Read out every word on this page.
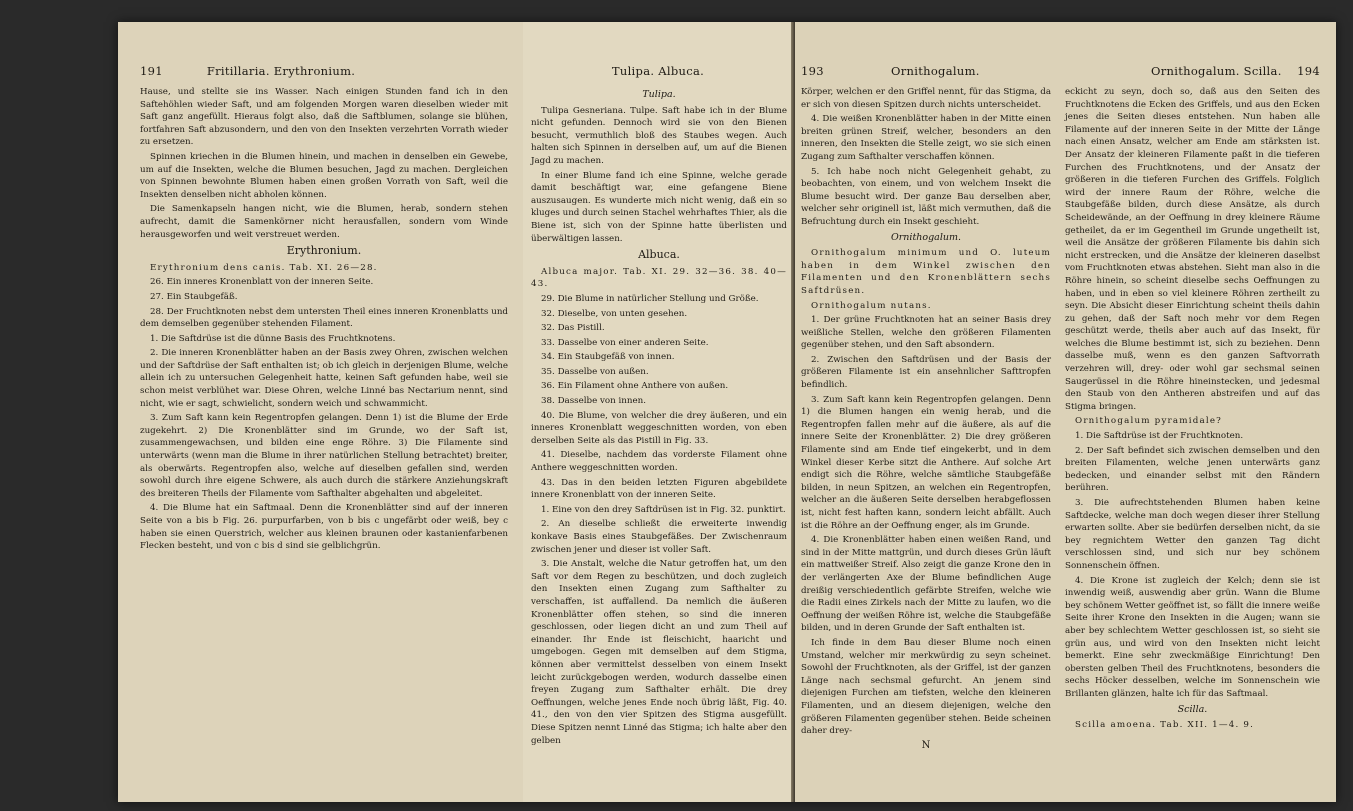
191	Fritillaria. Erythronium.

Hause, und stellte sie ins Wasser. Nach einigen Stunden fand ich in den Saftehöhlen wieder Saft, und am folgenden Morgen waren dieselben wieder mit Saft ganz angefüllt. Hieraus folgt also, daß die Saftblumen, solange sie blühen, fortfahren Saft abzusondern, und den von den Insekten verzehrten Vorrath wieder zu ersetzen.

Spinnen kriechen in die Blumen hinein, und machen in denselben ein Gewebe, um auf die Insekten, welche die Blumen besuchen, Jagd zu machen. Dergleichen von Spinnen bewohnte Blumen haben einen großen Vorrath von Saft, weil die Insekten denselben nicht abholen können.

Die Samenkapseln hangen nicht, wie die Blumen, herab, sondern stehen aufrecht, damit die Samenkörner nicht herausfallen, sondern vom Winde herausgeworfen und weit verstreuet werden.

Erythronium.

Erythronium dens canis. Tab. XI. 26—28.

26. Ein inneres Kronenblatt von der inneren Seite.

27. Ein Staubgefäß.

28. Der Fruchtknoten nebst dem untersten Theil eines inneren Kronenblatts und dem demselben gegenüber stehenden Filament.

1. Die Saftdrüse ist die dünne Basis des Fruchtknotens.

2. Die inneren Kronenblätter haben an der Basis zwey Ohren, zwischen welchen und der Saftdrüse der Saft enthalten ist; ob ich gleich in derjenigen Blume, welche allein ich zu untersuchen Gelegenheit hatte, keinen Saft gefunden habe, weil sie schon meist verblühet war. Diese Ohren, welche Linné bas Nectarium nennt, sind nicht, wie er sagt, schwielicht, sondern weich und schwammicht.

3. Zum Saft kann kein Regentropfen gelangen. Denn 1) ist die Blume der Erde zugekehrt. 2) Die Kronenblätter sind im Grunde, wo der Saft ist, zusammengewachsen, und bilden eine enge Röhre. 3) Die Filamente sind unterwärts (wenn man die Blume in ihrer natürlichen Stellung betrachtet) breiter, als oberwärts. Regentropfen also, welche auf dieselben gefallen sind, werden sowohl durch ihre eigene Schwere, als auch durch die stärkere Anziehungskraft des breiteren Theils der Filamente vom Safthalter abgehalten und abgeleitet.

4. Die Blume hat ein Saftmaal. Denn die Kronenblätter sind auf der inneren Seite von a bis b Fig. 26. purpurfarben, von b bis c ungefärbt oder weiß, bey c haben sie einen Querstrich, welcher aus kleinen braunen oder kastanienfarbenen Flecken besteht, und von c bis d sind sie gelblichgrün.

Tulipa. Albuca.
Tulipa.

Tulipa Gesneriana. Tulpe. Saft habe ich in der Blume nicht gefunden. Dennoch wird sie von den Bienen besucht, vermuthlich bloß des Staubes wegen. Auch halten sich Spinnen in derselben auf, um auf die Bienen Jagd zu machen.

In einer Blume fand ich eine Spinne, welche gerade damit beschäftigt war, eine gefangene Biene auszusaugen. Es wunderte mich nicht wenig, daß ein so kluges und durch seinen Stachel wehrhaftes Thier, als die Biene ist, sich von der Spinne hatte überlisten und überwältigen lassen.

Albuca.

Albuca major. Tab. XI. 29. 32—36. 38. 40—43.

29. Die Blume in natürlicher Stellung und Größe.

32. Dieselbe, von unten gesehen.

32. Das Pistill.

33. Dasselbe von einer anderen Seite.

34. Ein Staubgefäß von innen.

35. Dasselbe von außen.

36. Ein Filament ohne Anthere von außen.

38. Dasselbe von innen.

40. Die Blume, von welcher die drey äußeren, und ein inneres Kronenblatt weggeschnitten worden, von eben derselben Seite als das Pistill in Fig. 33.

41. Dieselbe, nachdem das vorderste Filament ohne Anthere weggeschnitten worden.

43. Das in den beiden letzten Figuren abgebildete innere Kronenblatt von der inneren Seite.

1. Eine von den drey Saftdrüsen ist in Fig. 32. punktirt.

2. An dieselbe schließt die erweiterte inwendig konkave Basis eines Staubgefäßes. Der Zwischenraum zwischen jener und dieser ist voller Saft.

3. Die Anstalt, welche die Natur getroffen hat, um den Saft vor dem Regen zu beschützen, und doch zugleich den Insekten einen Zugang zum Safthalter zu verschaffen, ist auffallend. Da nemlich die äußeren Kronenblätter offen stehen, so sind die inneren geschlossen, oder liegen dicht an und zum Theil auf einander. Ihr Ende ist fleischicht, haaricht und umgebogen. Gegen mit demselben auf dem Stigma, können aber vermittelst desselben von einem Insekt leicht zurückgebogen werden, wodurch dasselbe einen freyen Zugang zum Safthalter erhält. Die drey Oeffnungen, welche jenes Ende noch übrig läßt, Fig. 40. 41., den von den vier Spitzen des Stigma ausgefüllt. Diese Spitzen nennt Linné das Stigma; ich halte aber den gelben

193	Ornithogalum.	Ornithogalum. Scilla. 194

Körper, welchen er den Griffel nennt, für das Stigma, da er sich von diesen Spitzen durch nichts unterscheidet.

4. Die weißen Kronenblätter haben in der Mitte einen breiten grünen Streif, welcher, besonders an den inneren, den Insekten die Stelle zeigt, wo sie sich einen Zugang zum Safthalter verschaffen können.

5. Ich habe noch nicht Gelegenheit gehabt, zu beobachten, von einem, und von welchem Insekt die Blume besucht wird. Der ganze Bau derselben aber, welcher sehr originell ist, läßt mich vermuthen, daß die Befruchtung durch ein Insekt geschieht.

Ornithogalum.

Ornithogalum minimum und O. luteum haben in dem Winkel zwischen den Filamenten und den Kronenblättern sechs Saftdrüsen.

Ornithogalum nutans.

1. Der grüne Fruchtknoten hat an seiner Basis drey weißliche Stellen, welche den größeren Filamenten gegenüber stehen, und den Saft absondern.

2. Zwischen den Saftdrüsen und der Basis der größeren Filamente ist ein ansehnlicher Safttropfen befindlich.

3. Zum Saft kann kein Regentropfen gelangen. Denn 1) die Blumen hangen ein wenig herab, und die Regentropfen fallen mehr auf die äußere, als auf die innere Seite der Kronenblätter. 2) Die drey größeren Filamente sind am Ende tief eingekerbt, und in dem Winkel dieser Kerbe sitzt die Anthere. Auf solche Art endigt sich die Röhre, welche sämtliche Staubgefäße bilden, in neun Spitzen, an welchen ein Regentropfen, welcher an die äußeren Seite derselben herabgeflossen ist, nicht fest haften kann, sondern leicht abfällt. Auch ist die Röhre an der Oeffnung enger, als im Grunde.

4. Die Kronenblätter haben einen weißen Rand, und sind in der Mitte mattgrün, und durch dieses Grün läuft ein mattweißer Streif. Also zeigt die ganze Krone den in der verlängerten Axe der Blume befindlichen Auge dreißig verschiedentlich gefärbte Streifen, welche wie die Radii eines Zirkels nach der Mitte zu laufen, wo die Oeffnung der weißen Röhre ist, welche die Staubgefäße bilden, und in deren Grunde der Saft enthalten ist.

Ich finde in dem Bau dieser Blume noch einen Umstand, welcher mir merkwürdig zu seyn scheinet. Sowohl der Fruchtknoten, als der Griffel, ist der ganzen Länge nach sechsmal gefurcht. An jenem sind diejenigen Furchen am tiefsten, welche den kleineren Filamenten, und an diesem diejenigen, welche den größeren Filamenten gegenüber stehen. Beide scheinen daher drey-

N

eckicht zu seyn, doch so, daß aus den Seiten des Fruchtknotens die Ecken des Griffels, und aus den Ecken jenes die Seiten dieses entstehen. Nun haben alle Filamente auf der inneren Seite in der Mitte der Länge nach einen Ansatz, welcher am Ende am stärksten ist. Der Ansatz der kleineren Filamente paßt in die tieferen Furchen des Fruchtknotens, und der Ansatz der größeren in die tieferen Furchen des Griffels. Folglich wird der innere Raum der Röhre, welche die Staubgefäße bilden, durch diese Ansätze, als durch Scheidewände, an der Oeffnung in drey kleinere Räume getheilet, da er im Gegentheil im Grunde ungetheilt ist, weil die Ansätze der größeren Filamente bis dahin sich nicht erstrecken, und die Ansätze der kleineren daselbst vom Fruchtknoten etwas abstehen. Sieht man also in die Röhre hinein, so scheint dieselbe sechs Oeffnungen zu haben, und in eben so viel kleinere Röhren zertheilt zu seyn. Die Absicht dieser Einrichtung scheint theils dahin zu gehen, daß der Saft noch mehr vor dem Regen geschützt werde, theils aber auch auf das Insekt, für welches die Blume bestimmt ist, sich zu beziehen. Denn dasselbe muß, wenn es den ganzen Saftvorrath verzehren will, drey- oder wohl gar sechsmal seinen Saugerüssel in die Röhre hineinstecken, und jedesmal den Staub von den Antheren abstreifen und auf das Stigma bringen.

Ornithogalum pyramidale?

1. Die Saftdrüse ist der Fruchtknoten.

2. Der Saft befindet sich zwischen demselben und den breiten Filamenten, welche jenen unterwärts ganz bedecken, und einander selbst mit den Rändern berühren.

3. Die aufrechtstehenden Blumen haben keine Saftdecke, welche man doch wegen dieser ihrer Stellung erwarten sollte. Aber sie bedürfen derselben nicht, da sie bey regnichtem Wetter den ganzen Tag dicht verschlossen sind, und sich nur bey schönem Sonnenschein öffnen.

4. Die Krone ist zugleich der Kelch; denn sie ist inwendig weiß, auswendig aber grün. Wann die Blume bey schönem Wetter geöffnet ist, so fällt die innere weiße Seite ihrer Krone den Insekten in die Augen; wann sie aber bey schlechtem Wetter geschlossen ist, so sieht sie grün aus, und wird von den Insekten nicht leicht bemerkt. Eine sehr zweckmäßige Einrichtung! Den obersten gelben Theil des Fruchtknotens, besonders die sechs Höcker desselben, welche im Sonnenschein wie Brillanten glänzen, halte ich für das Saftmaal.

Scilla.

Scilla amoena. Tab. XII. 1—4. 9.
